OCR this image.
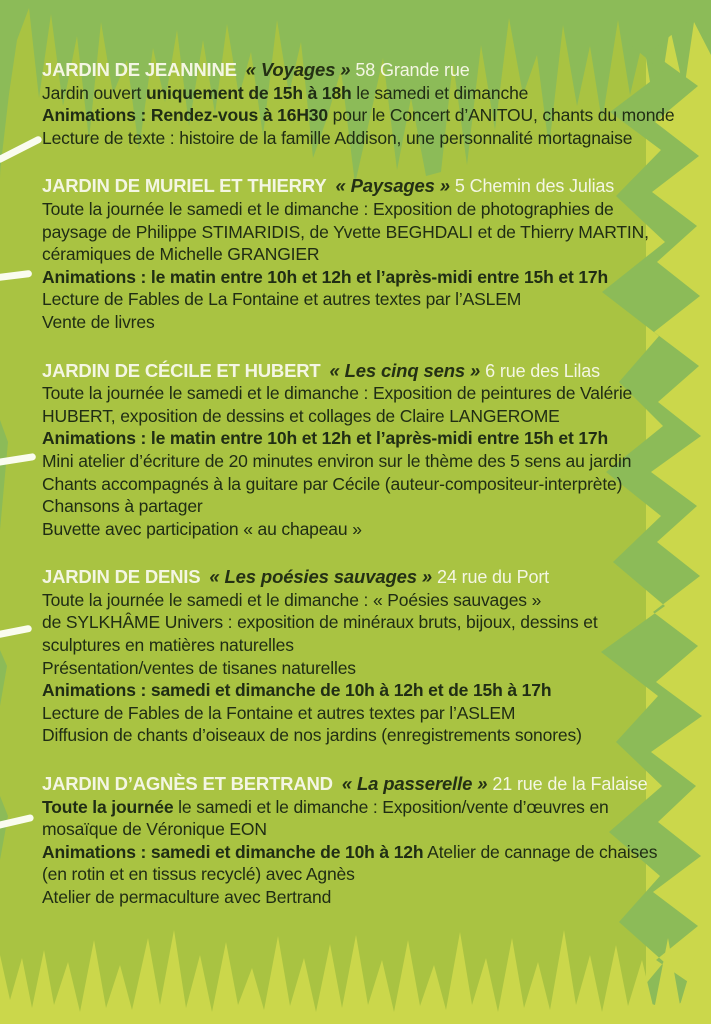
JARDIN DE JEANNINE « Voyages » 58 Grande rue
Jardin ouvert uniquement de 15h à 18h le samedi et dimanche
Animations : Rendez-vous à 16H30 pour le Concert d’ANITOU, chants du monde
Lecture de texte : histoire de la famille Addison, une personnalité mortagnaise
JARDIN DE MURIEL ET THIERRY « Paysages » 5 Chemin des Julias
Toute la journée le samedi et le dimanche : Exposition de photographies de
paysage de Philippe STIMARIDIS, de Yvette BEGHDALI et de Thierry MARTIN,
céramiques de Michelle GRANGIER
Animations : le matin entre 10h et 12h et l’après-midi entre 15h et 17h
Lecture de Fables de La Fontaine et autres textes par l’ASLEM
Vente de livres
JARDIN DE CÉCILE ET HUBERT « Les cinq sens » 6 rue des Lilas
Toute la journée le samedi et le dimanche : Exposition de peintures de Valérie
HUBERT, exposition de dessins et collages de Claire LANGEROME
Animations : le matin entre 10h et 12h et l’après-midi entre 15h et 17h
Mini atelier d’écriture de 20 minutes environ sur le thème des 5 sens au jardin
Chants accompagnés à la guitare par Cécile (auteur-compositeur-interprète)
Chansons à partager
Buvette avec participation « au chapeau »
JARDIN DE DENIS « Les poésies sauvages » 24 rue du Port
Toute la journée le samedi et le dimanche : « Poésies sauvages »
de SYLKHÂME Univers : exposition de minéraux bruts, bijoux, dessins et
sculptures en matières naturelles
Présentation/ventes de tisanes naturelles
Animations : samedi et dimanche de 10h à 12h et de 15h à 17h
Lecture de Fables de la Fontaine et autres textes par l’ASLEM
Diffusion de chants d’oiseaux de nos jardins (enregistrements sonores)
JARDIN D’AGNÈS ET BERTRAND « La passerelle » 21 rue de la Falaise
Toute la journée le samedi et le dimanche : Exposition/vente d’œuvres en
mosaïque de Véronique EON
Animations : samedi et dimanche de 10h à 12h Atelier de cannage de chaises
(en rotin et en tissus recyclé) avec Agnès
Atelier de permaculture avec Bertrand
